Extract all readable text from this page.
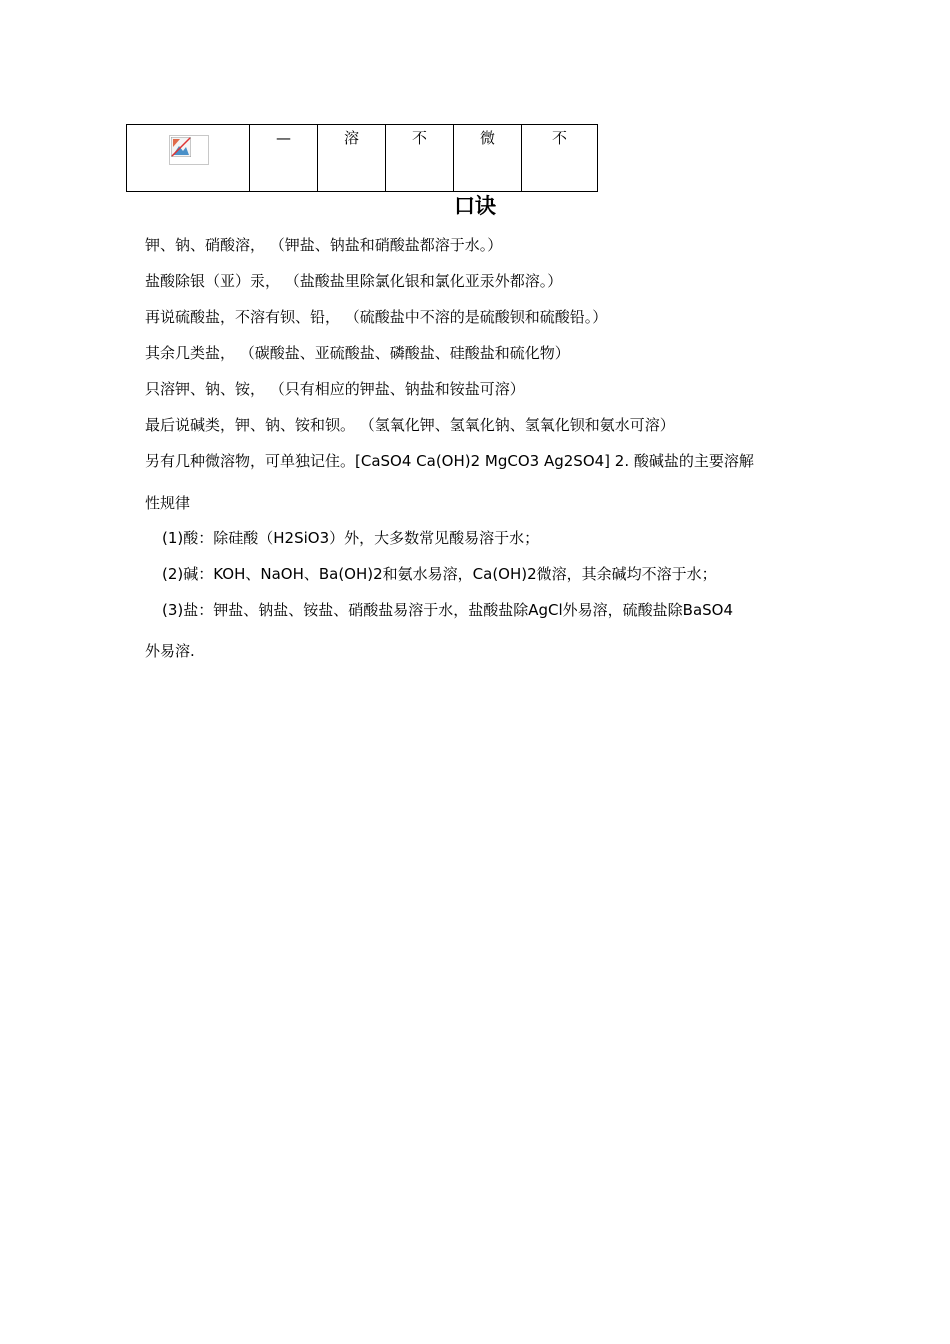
	—	溶	不	微	不
口诀
钾、钠、硝酸溶， （钾盐、钠盐和硝酸盐都溶于水。）
盐酸除银（亚）汞， （盐酸盐里除氯化银和氯化亚汞外都溶。）
再说硫酸盐，不溶有钡、铅， （硫酸盐中不溶的是硫酸钡和硫酸铅。）
其余几类盐， （碳酸盐、亚硫酸盐、磷酸盐、硅酸盐和硫化物）
只溶钾、钠、铵， （只有相应的钾盐、钠盐和铵盐可溶）
最后说碱类，钾、钠、铵和钡。 （氢氧化钾、氢氧化钠、氢氧化钡和氨水可溶）
另有几种微溶物，可单独记住。[CaSO4 Ca(OH)2 MgCO3 Ag2SO4] 2. 酸碱盐的主要溶解
性规律
(1)酸：除硅酸（H2SiO3）外，大多数常见酸易溶于水；
(2)碱：KOH、NaOH、Ba(OH)2和氨水易溶，Ca(OH)2微溶，其余碱均不溶于水；
(3)盐：钾盐、钠盐、铵盐、硝酸盐易溶于水，盐酸盐除AgCl外易溶，硫酸盐除BaSO4
外易溶.
